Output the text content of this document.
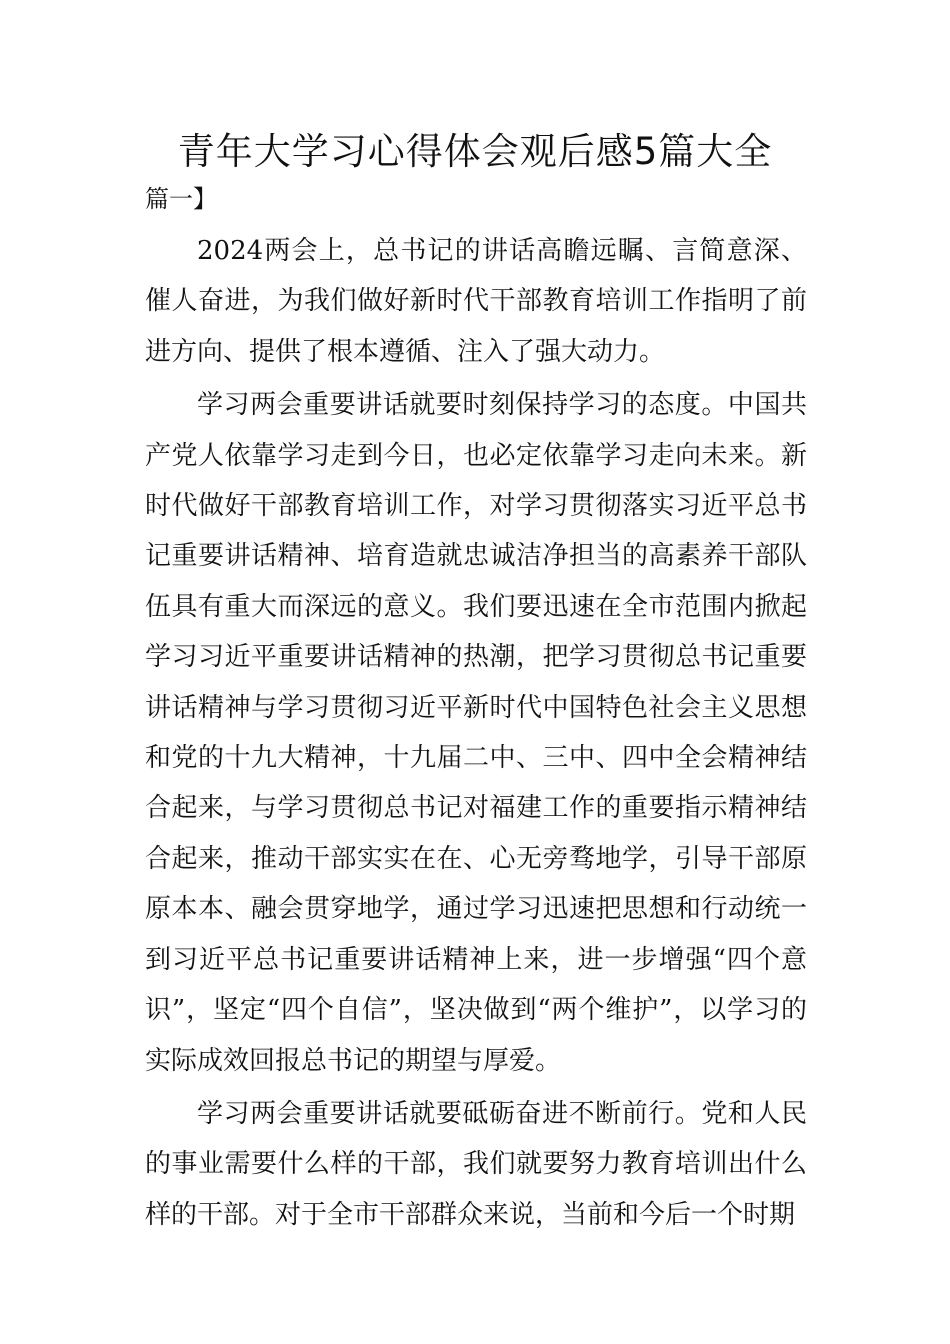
青年大学习心得体会观后感5篇大全
篇一】

2024两会上，总书记的讲话高瞻远瞩、言简意深、催人奋进，为我们做好新时代干部教育培训工作指明了前进方向、提供了根本遵循、注入了强大动力。

学习两会重要讲话就要时刻保持学习的态度。中国共产党人依靠学习走到今日，也必定依靠学习走向未来。新时代做好干部教育培训工作，对学习贯彻落实习近平总书记重要讲话精神、培育造就忠诚洁净担当的高素养干部队伍具有重大而深远的意义。我们要迅速在全市范围内掀起学习习近平重要讲话精神的热潮，把学习贯彻总书记重要讲话精神与学习贯彻习近平新时代中国特色社会主义思想和党的十九大精神，十九届二中、三中、四中全会精神结合起来，与学习贯彻总书记对福建工作的重要指示精神结合起来，推动干部实实在在、心无旁骛地学，引导干部原原本本、融会贯穿地学，通过学习迅速把思想和行动统一到习近平总书记重要讲话精神上来，进一步增强“四个意识”，坚定“四个自信”，坚决做到“两个维护”，以学习的实际成效回报总书记的期望与厚爱。

学习两会重要讲话就要砥砺奋进不断前行。党和人民的事业需要什么样的干部，我们就要努力教育培训出什么样的干部。对于全市干部群众来说，当前和今后一个时期
